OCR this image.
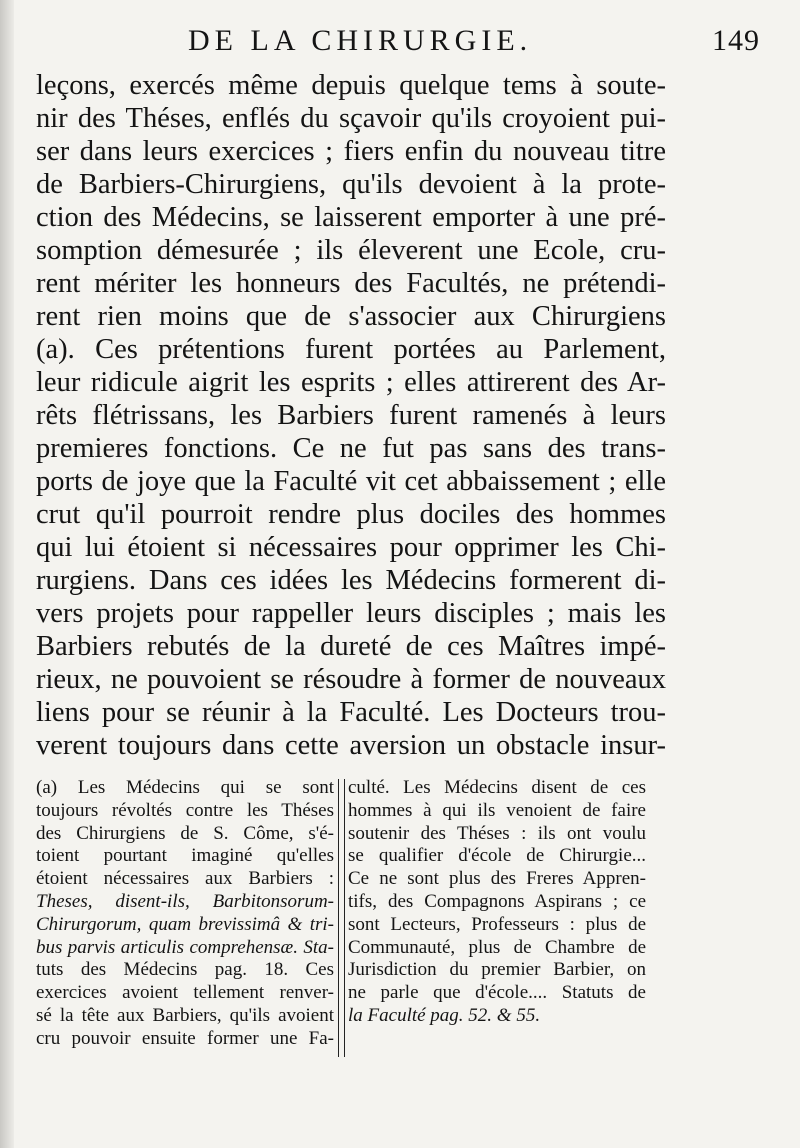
DE LA CHIRURGIE.	149
leçons, exercés même depuis quelque tems à soute-
nir des Théses, enflés du sçavoir qu'ils croyoient pui-
ser dans leurs exercices ; fiers enfin du nouveau titre
de Barbiers-Chirurgiens, qu'ils devoient à la prote-
ction des Médecins, se laisserent emporter à une pré-
somption démesurée ; ils éleverent une Ecole, cru-
rent mériter les honneurs des Facultés, ne prétendi-
rent rien moins que de s'associer aux Chirurgiens
(a). Ces prétentions furent portées au Parlement,
leur ridicule aigrit les esprits ; elles attirerent des Ar-
rêts flétrissans, les Barbiers furent ramenés à leurs
premieres fonctions. Ce ne fut pas sans des trans-
ports de joye que la Faculté vit cet abbaissement ; elle
crut qu'il pourroit rendre plus dociles des hommes
qui lui étoient si nécessaires pour opprimer les Chi-
rurgiens. Dans ces idées les Médecins formerent di-
vers projets pour rappeller leurs disciples ; mais les
Barbiers rebutés de la dureté de ces Maîtres impé-
rieux, ne pouvoient se résoudre à former de nouveaux
liens pour se réunir à la Faculté. Les Docteurs trou-
verent toujours dans cette aversion un obstacle insur-
(a) Les Médecins qui se sont
toujours révoltés contre les Théses
des Chirurgiens de S. Côme, s'é-
toient pourtant imaginé qu'elles
étoient nécessaires aux Barbiers :
Theses, disent-ils, Barbitonsorum-
Chirurgorum, quam brevissimâ & tri-
bus parvis articulis comprehensæ. Sta-
tuts des Médecins pag. 18. Ces
exercices avoient tellement renver-
sé la tête aux Barbiers, qu'ils avoient
cru pouvoir ensuite former une Fa-
culté. Les Médecins disent de ces
hommes à qui ils venoient de faire
soutenir des Théses : ils ont voulu
se qualifier d'école de Chirurgie...
Ce ne sont plus des Freres Appren-
tifs, des Compagnons Aspirans ; ce
sont Lecteurs, Professeurs : plus de
Communauté, plus de Chambre de
Jurisdiction du premier Barbier, on
ne parle que d'école.... Statuts de
la Faculté pag. 52. & 55.
